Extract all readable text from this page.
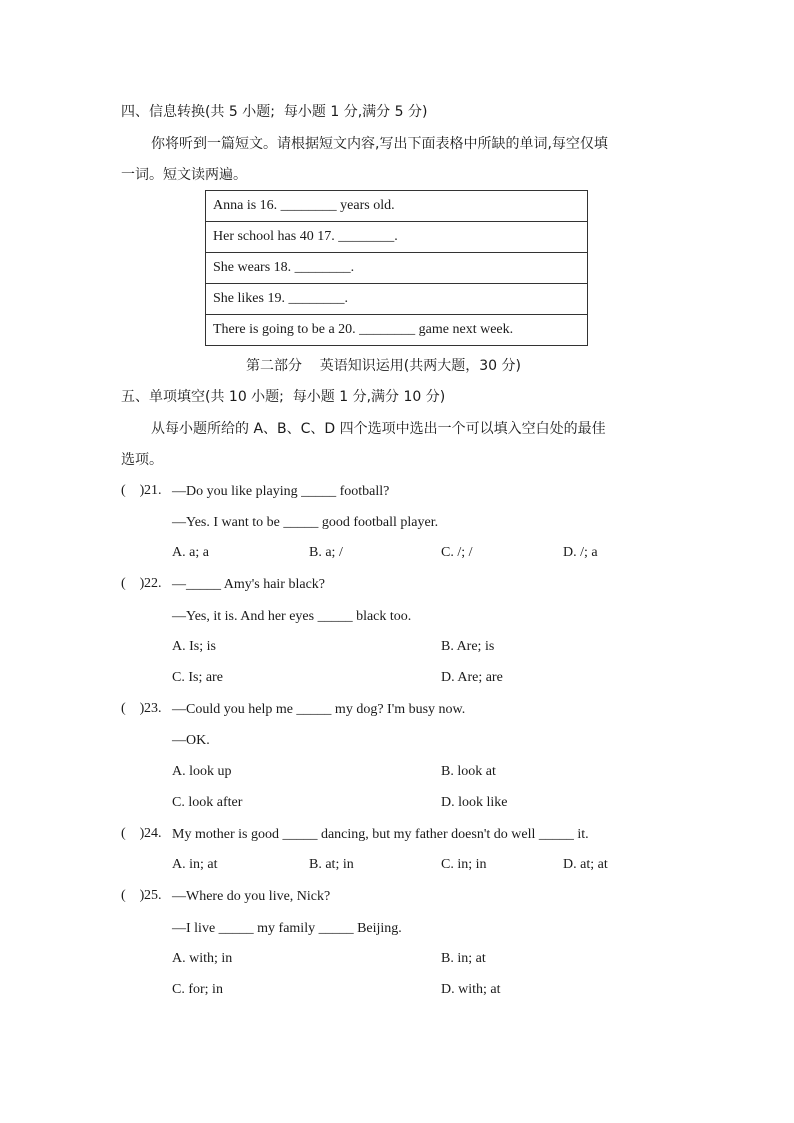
四、信息转换(共 5 小题;  每小题 1 分,满分 5 分)
你将听到一篇短文。请根据短文内容,写出下面表格中所缺的单词,每空仅填
一词。短文读两遍。
Anna is 16. ________ years old.
Her school has 40 17. ________.
She wears 18. ________.
She likes 19. ________.
There is going to be a 20. ________ game next week.
第二部分    英语知识运用(共两大题，30 分)
五、单项填空(共 10 小题;  每小题 1 分,满分 10 分)
从每小题所给的 A、B、C、D 四个选项中选出一个可以填入空白处的最佳
选项。
(    ) 21. —Do you like playing _____ football?
—Yes. I want to be _____ good football player.
A. a; a	B. a; /	C. /; /	D. /; a
(    ) 22. —_____ Amy's hair black?
—Yes, it is. And her eyes _____ black too.
A. Is; is	B. Are; is
C. Is; are	D. Are; are
(    ) 23. —Could you help me _____ my dog? I'm busy now.
—OK.
A. look up	B. look at
C. look after	D. look like
(    ) 24. My mother is good _____ dancing, but my father doesn't do well _____ it.
A. in; at	B. at; in	C. in; in	D. at; at
(    ) 25. —Where do you live, Nick?
—I live _____ my family _____ Beijing.
A. with; in	B. in; at
C. for; in	D. with; at
